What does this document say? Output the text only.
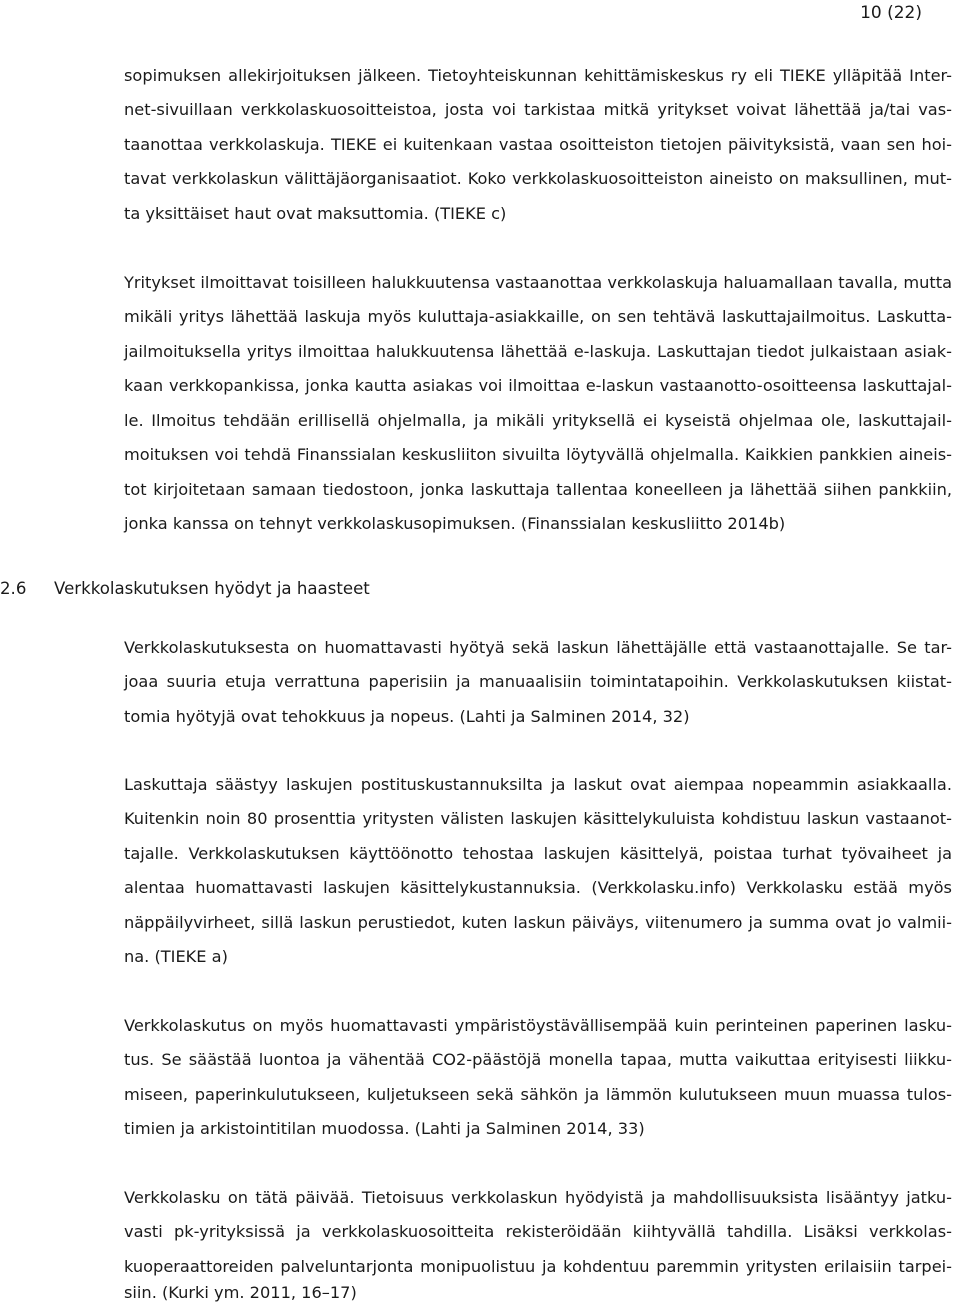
10 (22)
sopimuksen allekirjoituksen jälkeen. Tietoyhteiskunnan kehittämiskeskus ry eli TIEKE ylläpitää Inter-
net-sivuillaan verkkolaskuosoitteistoa, josta voi tarkistaa mitkä yritykset voivat lähettää ja/tai vas-
taanottaa verkkolaskuja. TIEKE ei kuitenkaan vastaa osoitteiston tietojen päivityksistä, vaan sen hoi-
tavat verkkolaskun välittäjäorganisaatiot. Koko verkkolaskuosoitteiston aineisto on maksullinen, mut-
ta yksittäiset haut ovat maksuttomia. (TIEKE c)
Yritykset ilmoittavat toisilleen halukkuutensa vastaanottaa verkkolaskuja haluamallaan tavalla, mutta
mikäli yritys lähettää laskuja myös kuluttaja-asiakkaille, on sen tehtävä laskuttajailmoitus. Laskutta-
jailmoituksella yritys ilmoittaa halukkuutensa lähettää e-laskuja. Laskuttajan tiedot julkaistaan asiak-
kaan verkkopankissa, jonka kautta asiakas voi ilmoittaa e-laskun vastaanotto-osoitteensa laskuttajal-
le. Ilmoitus tehdään erillisellä ohjelmalla, ja mikäli yrityksellä ei kyseistä ohjelmaa ole, laskuttajail-
moituksen voi tehdä Finanssialan keskusliiton sivuilta löytyvällä ohjelmalla. Kaikkien pankkien aineis-
tot kirjoitetaan samaan tiedostoon, jonka laskuttaja tallentaa koneelleen ja lähettää siihen pankkiin,
jonka kanssa on tehnyt verkkolaskusopimuksen. (Finanssialan keskusliitto 2014b)
2.6 Verkkolaskutuksen hyödyt ja haasteet
Verkkolaskutuksesta on huomattavasti hyötyä sekä laskun lähettäjälle että vastaanottajalle. Se tar-
joaa suuria etuja verrattuna paperisiin ja manuaalisiin toimintatapoihin. Verkkolaskutuksen kiistat-
tomia hyötyjä ovat tehokkuus ja nopeus. (Lahti ja Salminen 2014, 32)
Laskuttaja säästyy laskujen postituskustannuksilta ja laskut ovat aiempaa nopeammin asiakkaalla.
Kuitenkin noin 80 prosenttia yritysten välisten laskujen käsittelykuluista kohdistuu laskun vastaanot-
tajalle. Verkkolaskutuksen käyttöönotto tehostaa laskujen käsittelyä, poistaa turhat työvaiheet ja
alentaa huomattavasti laskujen käsittelykustannuksia. (Verkkolasku.info) Verkkolasku estää myös
näppäilyvirheet, sillä laskun perustiedot, kuten laskun päiväys, viitenumero ja summa ovat jo valmii-
na. (TIEKE a)
Verkkolaskutus on myös huomattavasti ympäristöystävällisempää kuin perinteinen paperinen lasku-
tus. Se säästää luontoa ja vähentää CO2-päästöjä monella tapaa, mutta vaikuttaa erityisesti liikku-
miseen, paperinkulutukseen, kuljetukseen sekä sähkön ja lämmön kulutukseen muun muassa tulos-
timien ja arkistointitilan muodossa. (Lahti ja Salminen 2014, 33)
Verkkolasku on tätä päivää. Tietoisuus verkkolaskun hyödyistä ja mahdollisuuksista lisääntyy jatku-
vasti pk-yrityksissä ja verkkolaskuosoitteita rekisteröidään kiihtyvällä tahdilla. Lisäksi verkkolas-
kuoperaattoreiden palveluntarjonta monipuolistuu ja kohdentuu paremmin yritysten erilaisiin tarpei-
siin. (Kurki ym. 2011, 16–17)
